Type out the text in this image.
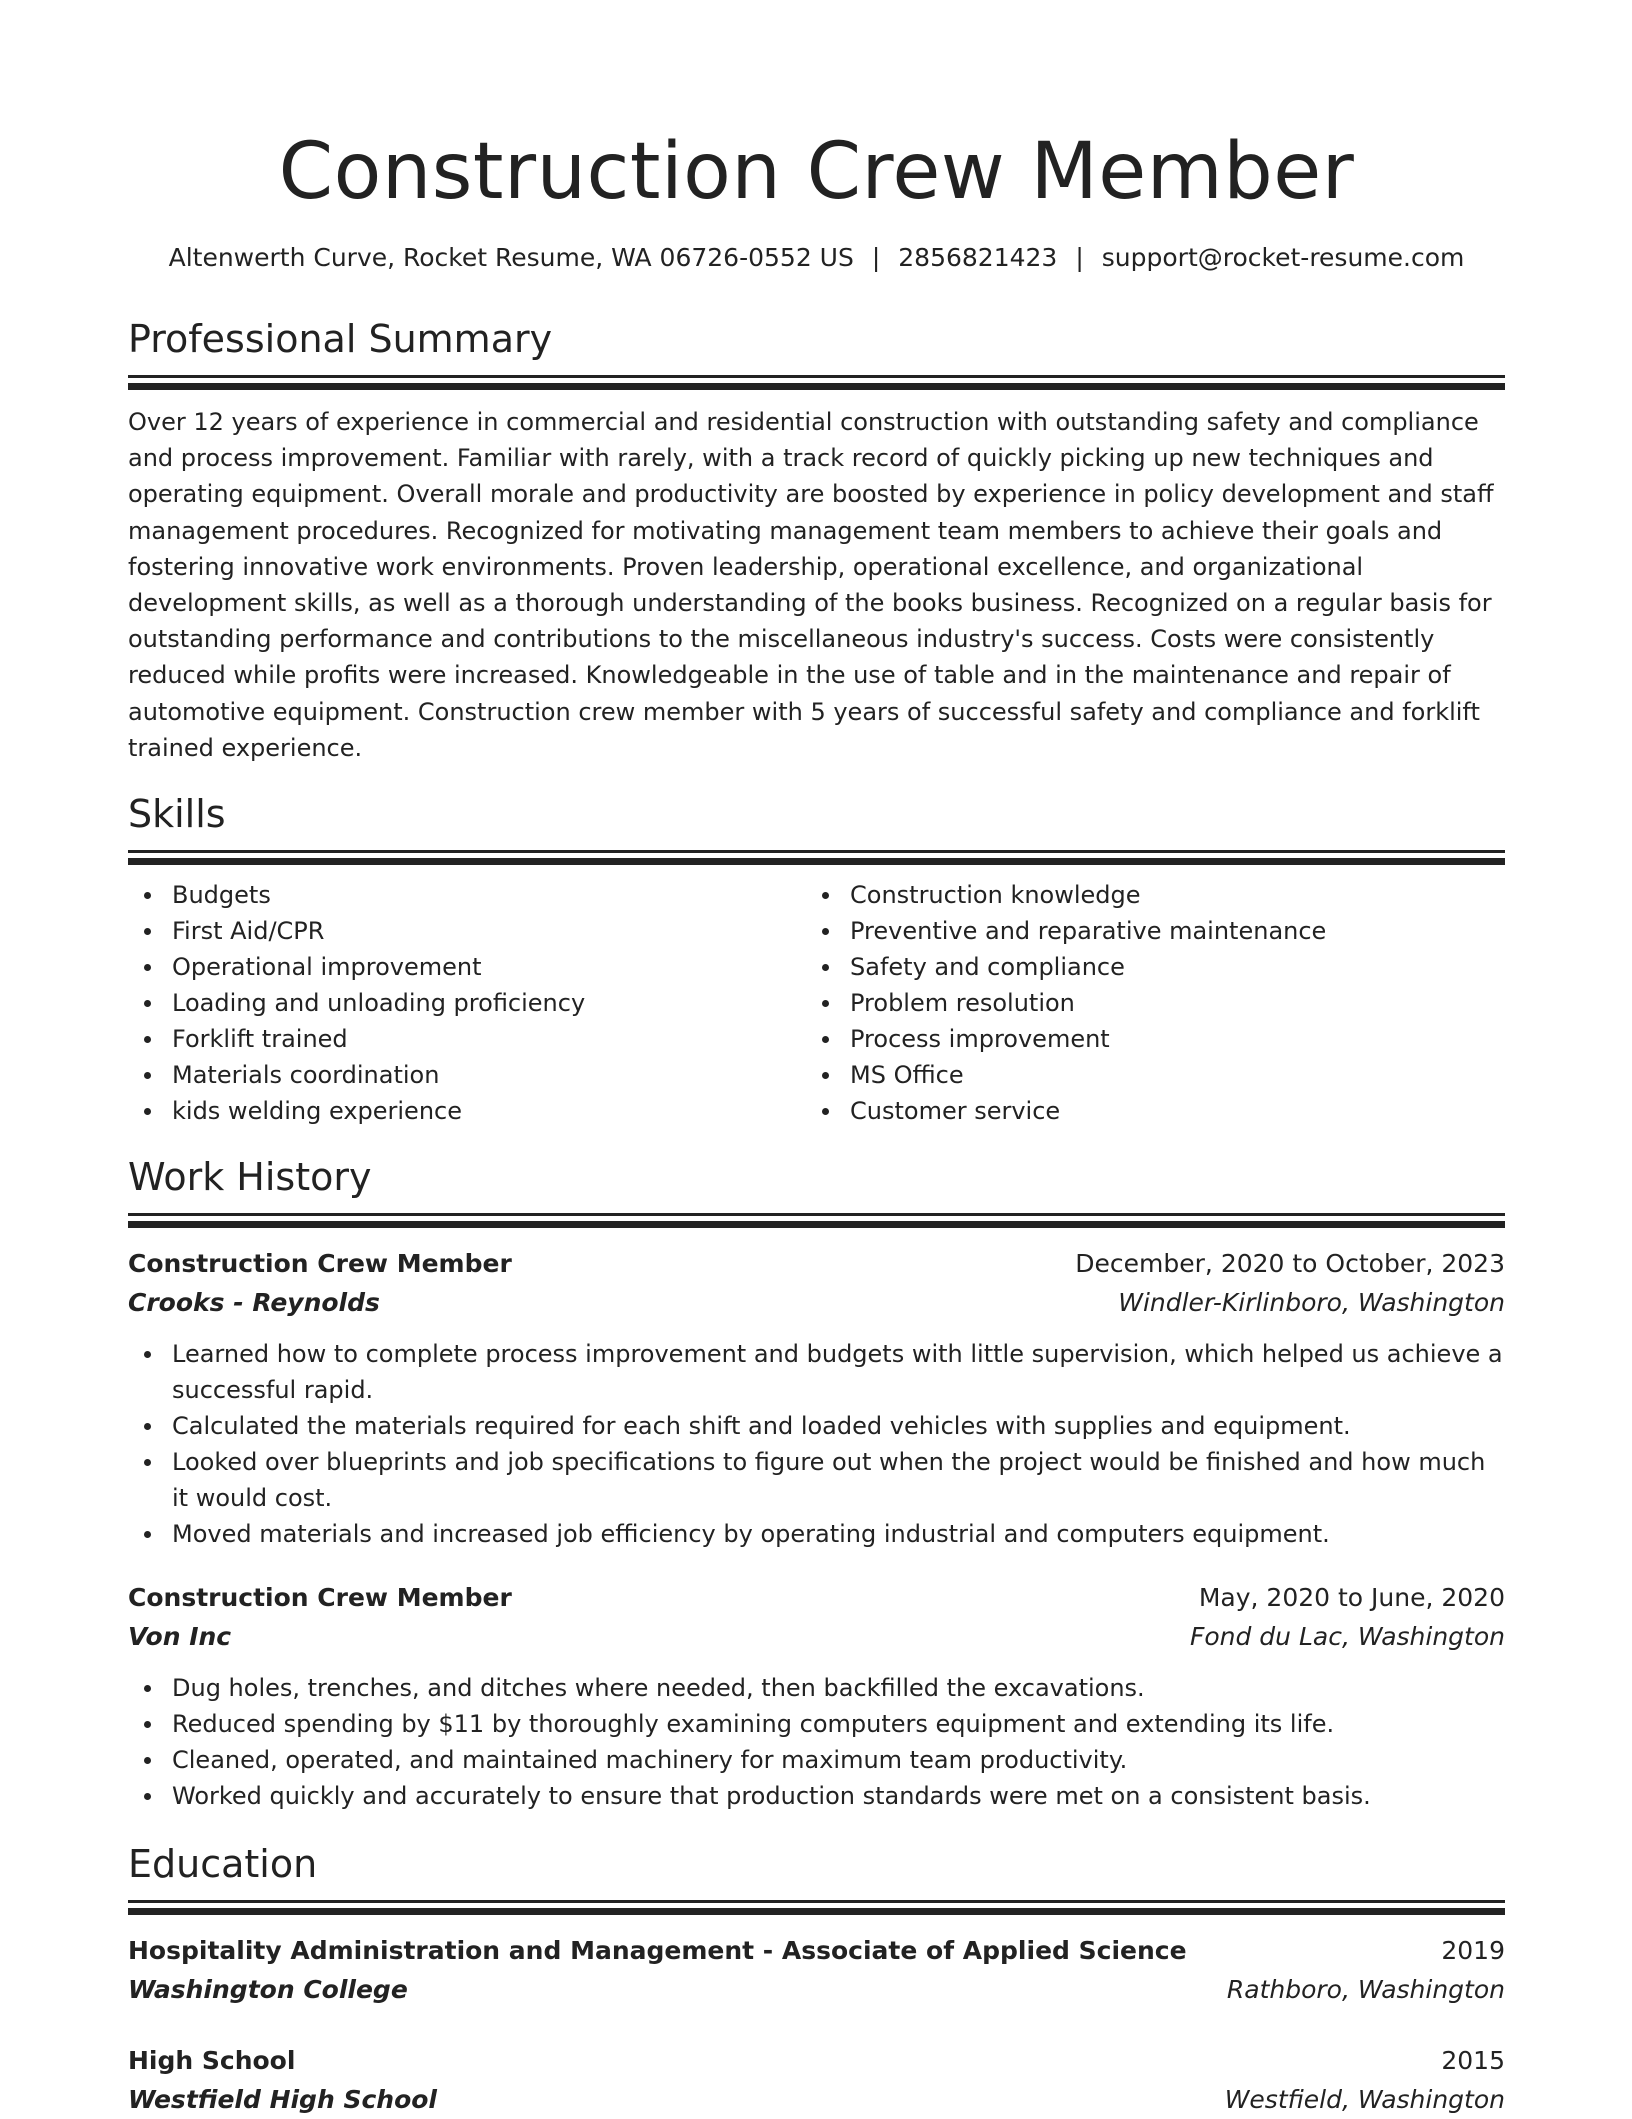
Construction Crew Member
Altenwerth Curve, Rocket Resume, WA 06726-0552 US | 2856821423 | support@rocket-resume.com
Professional Summary
Over 12 years of experience in commercial and residential construction with outstanding safety and compliance and process improvement. Familiar with rarely, with a track record of quickly picking up new techniques and operating equipment. Overall morale and productivity are boosted by experience in policy development and staff management procedures. Recognized for motivating management team members to achieve their goals and fostering innovative work environments. Proven leadership, operational excellence, and organizational development skills, as well as a thorough understanding of the books business. Recognized on a regular basis for outstanding performance and contributions to the miscellaneous industry's success. Costs were consistently reduced while profits were increased. Knowledgeable in the use of table and in the maintenance and repair of automotive equipment. Construction crew member with 5 years of successful safety and compliance and forklift trained experience.
Skills
Budgets
First Aid/CPR
Operational improvement
Loading and unloading proficiency
Forklift trained
Materials coordination
kids welding experience
Construction knowledge
Preventive and reparative maintenance
Safety and compliance
Problem resolution
Process improvement
MS Office
Customer service
Work History
Construction Crew Member	December, 2020 to October, 2023
Crooks - Reynolds	Windler-Kirlinboro, Washington
Learned how to complete process improvement and budgets with little supervision, which helped us achieve a successful rapid.
Calculated the materials required for each shift and loaded vehicles with supplies and equipment.
Looked over blueprints and job specifications to figure out when the project would be finished and how much it would cost.
Moved materials and increased job efficiency by operating industrial and computers equipment.
Construction Crew Member	May, 2020 to June, 2020
Von Inc	Fond du Lac, Washington
Dug holes, trenches, and ditches where needed, then backfilled the excavations.
Reduced spending by $11 by thoroughly examining computers equipment and extending its life.
Cleaned, operated, and maintained machinery for maximum team productivity.
Worked quickly and accurately to ensure that production standards were met on a consistent basis.
Education
Hospitality Administration and Management - Associate of Applied Science	2019
Washington College	Rathboro, Washington
High School	2015
Westfield High School	Westfield, Washington
